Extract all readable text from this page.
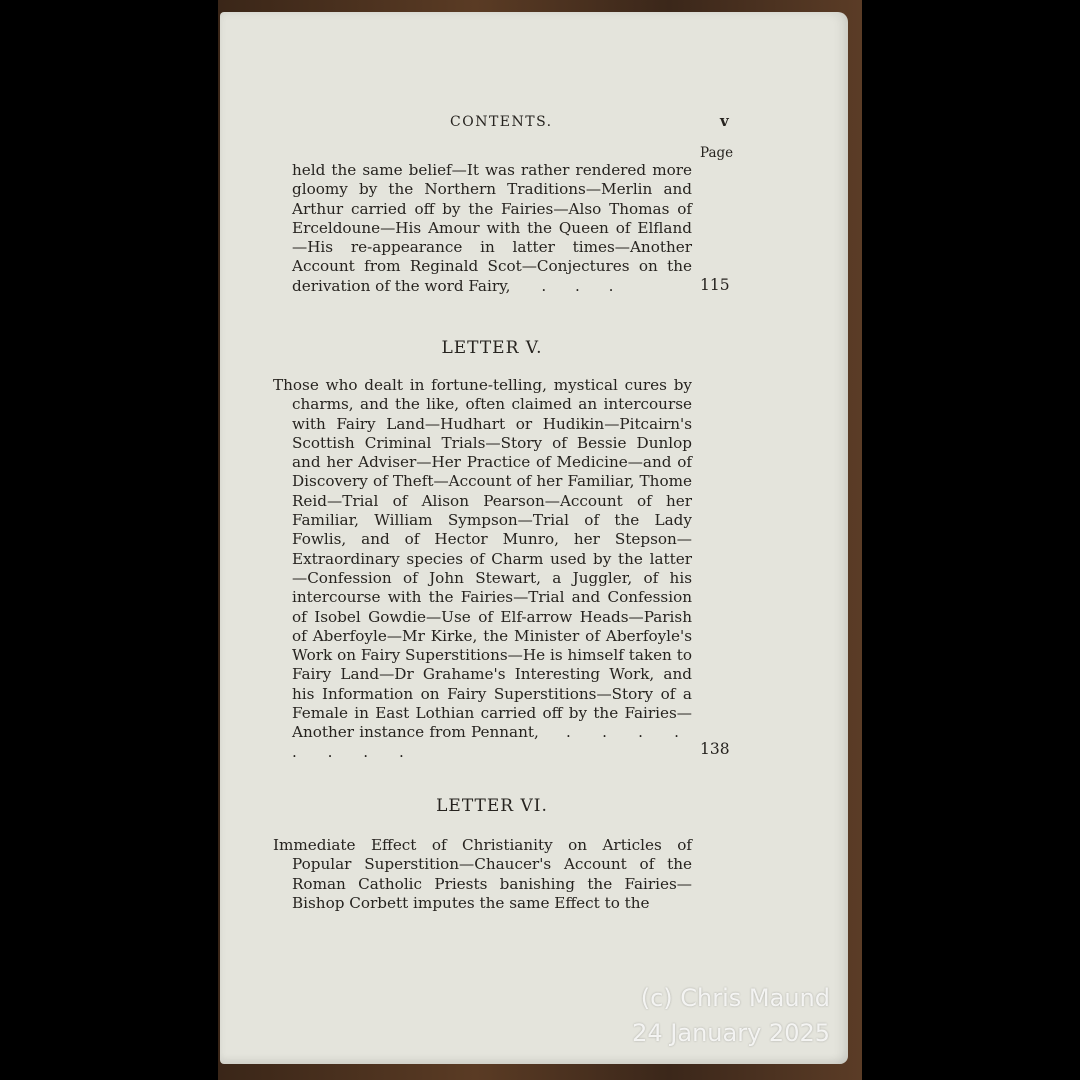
CONTENTS.	v
Page
held the same belief—It was rather rendered more gloomy by the Northern Traditions—Merlin and Arthur carried off by the Fairies—Also Thomas of Erceldoune—His Amour with the Queen of Elfland —His re-appearance in latter times—Another Account from Reginald Scot—Conjectures on the derivation of the word Fairy, . . .	115
LETTER V.
Those who dealt in fortune-telling, mystical cures by charms, and the like, often claimed an intercourse with Fairy Land—Hudhart or Hudikin—Pitcairn's Scottish Criminal Trials—Story of Bessie Dunlop and her Adviser—Her Practice of Medicine—and of Discovery of Theft—Account of her Familiar, Thome Reid—Trial of Alison Pearson—Account of her Familiar, William Sympson—Trial of the Lady Fowlis, and of Hector Munro, her Stepson—Extraordinary species of Charm used by the latter—Confession of John Stewart, a Juggler, of his intercourse with the Fairies—Trial and Confession of Isobel Gowdie—Use of Elf-arrow Heads—Parish of Aberfoyle—Mr Kirke, the Minister of Aberfoyle's Work on Fairy Superstitions—He is himself taken to Fairy Land—Dr Grahame's Interesting Work, and his Information on Fairy Superstitions—Story of a Female in East Lothian carried off by the Fairies—Another instance from Pennant, . . . . . . . .	138
LETTER VI.
Immediate Effect of Christianity on Articles of Popular Superstition—Chaucer's Account of the Roman Catholic Priests banishing the Fairies—Bishop Corbett imputes the same Effect to the
(c) Chris Maund
24 January 2025
